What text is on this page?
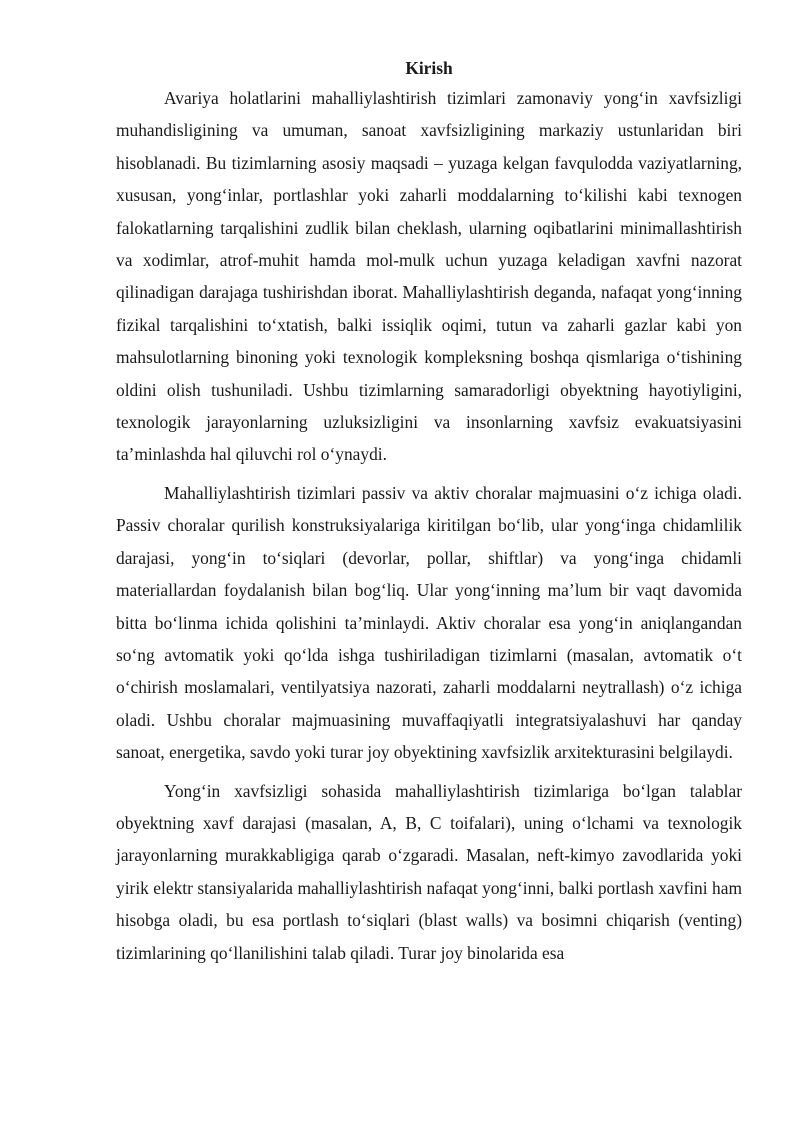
Kirish

Avariya holatlarini mahalliylashtirish tizimlari zamonaviy yong‘in xavfsizligi muhandisligining va umuman, sanoat xavfsizligining markaziy ustunlaridan biri hisoblanadi. Bu tizimlarning asosiy maqsadi – yuzaga kelgan favqulodda vaziyatlarning, xususan, yong‘inlar, portlashlar yoki zaharli moddalarning to‘kilishi kabi texnogen falokatlarning tarqalishini zudlik bilan cheklash, ularning oqibatlarini minimallashtirish va xodimlar, atrof-muhit hamda mol-mulk uchun yuzaga keladigan xavfni nazorat qilinadigan darajaga tushirishdan iborat. Mahalliylashtirish deganda, nafaqat yong‘inning fizikal tarqalishini to‘xtatish, balki issiqlik oqimi, tutun va zaharli gazlar kabi yon mahsulotlarning binoning yoki texnologik kompleksning boshqa qismlariga o‘tishining oldini olish tushuniladi. Ushbu tizimlarning samaradorligi obyektning hayotiyligini, texnologik jarayonlarning uzluksizligini va insonlarning xavfsiz evakuatsiyasini ta’minlashda hal qiluvchi rol o‘ynaydi.

Mahalliylashtirish tizimlari passiv va aktiv choralar majmuasini o‘z ichiga oladi. Passiv choralar qurilish konstruksiyalariga kiritilgan bo‘lib, ular yong‘inga chidamlilik darajasi, yong‘in to‘siqlari (devorlar, pollar, shiftlar) va yong‘inga chidamli materiallardan foydalanish bilan bog‘liq. Ular yong‘inning ma’lum bir vaqt davomida bitta bo‘linma ichida qolishini ta’minlaydi. Aktiv choralar esa yong‘in aniqlangandan so‘ng avtomatik yoki qo‘lda ishga tushiriladigan tizimlarni (masalan, avtomatik o‘t o‘chirish moslamalari, ventilyatsiya nazorati, zaharli moddalarni neytrallash) o‘z ichiga oladi. Ushbu choralar majmuasining muvaffaqiyatli integratsiyalashuvi har qanday sanoat, energetika, savdo yoki turar joy obyektining xavfsizlik arxitekturasini belgilaydi.

Yong‘in xavfsizligi sohasida mahalliylashtirish tizimlariga bo‘lgan talablar obyektning xavf darajasi (masalan, A, B, C toifalari), uning o‘lchami va texnologik jarayonlarning murakkabligiga qarab o‘zgaradi. Masalan, neft-kimyo zavodlarida yoki yirik elektr stansiyalarida mahalliylashtirish nafaqat yong‘inni, balki portlash xavfini ham hisobga oladi, bu esa portlash to‘siqlari (blast walls) va bosimni chiqarish (venting) tizimlarining qo‘llanilishini talab qiladi. Turar joy binolarida esa
